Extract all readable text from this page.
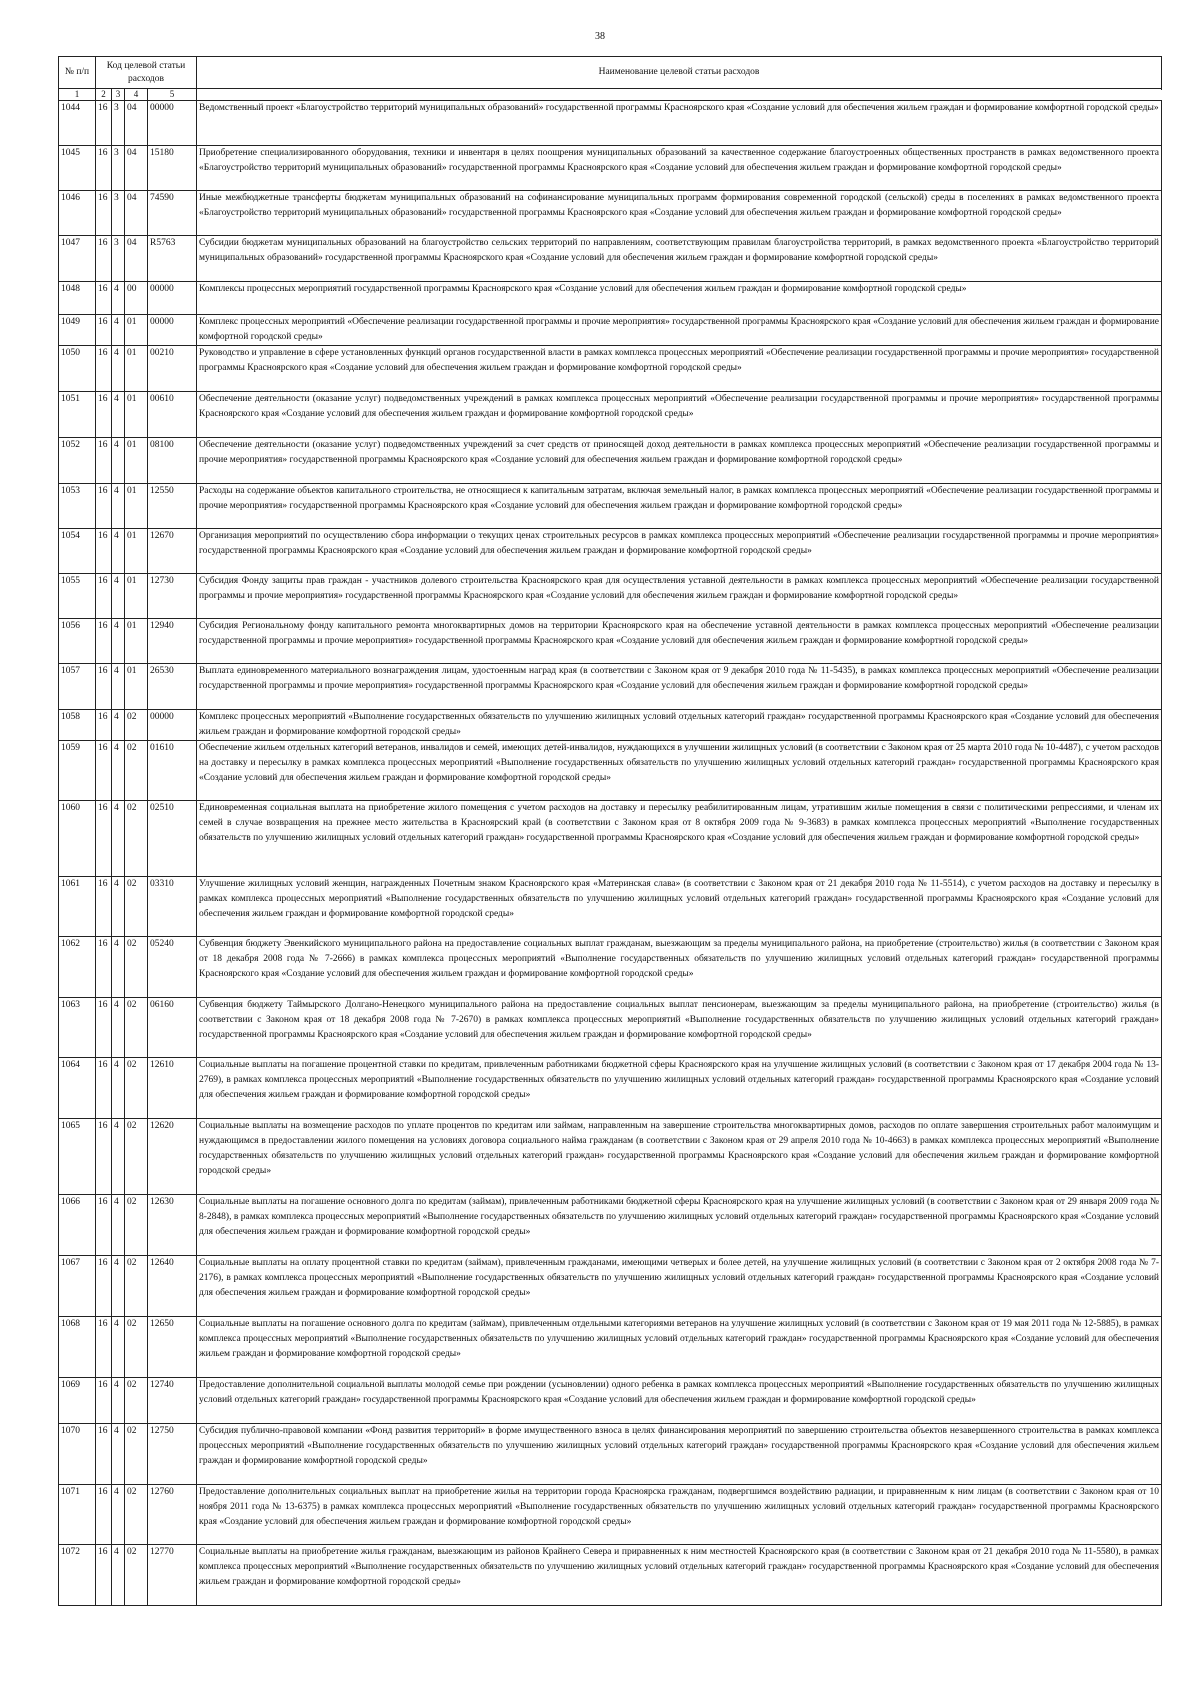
38
№ п/п	Код целевой статьи расходов				Наименование целевой статьи расходов

1	2	3	4	5	
1044	16	3	04	00000	Ведомственный проект «Благоустройство территорий муниципальных образований» государственной программы Красноярского края «Создание условий для обеспечения жильем граждан и формирование комфортной городской среды»
1045	16	3	04	15180	Приобретение специализированного оборудования, техники и инвентаря в целях поощрения муниципальных образований за качественное содержание благоустроенных общественных пространств в рамках ведомственного проекта «Благоустройство территорий муниципальных образований» государственной программы Красноярского края «Создание условий для обеспечения жильем граждан и формирование комфортной городской среды»
1046	16	3	04	74590	Иные межбюджетные трансферты бюджетам муниципальных образований на софинансирование муниципальных программ формирования современной городской (сельской) среды в поселениях в рамках ведомственного проекта «Благоустройство территорий муниципальных образований» государственной программы Красноярского края «Создание условий для обеспечения жильем граждан и формирование комфортной городской среды»
1047	16	3	04	R5763	Субсидии бюджетам муниципальных образований на благоустройство сельских территорий по направлениям, соответствующим правилам благоустройства территорий, в рамках ведомственного проекта «Благоустройство территорий муниципальных образований» государственной программы Красноярского края «Создание условий для обеспечения жильем граждан и формирование комфортной городской среды»
1048	16	4	00	00000	Комплексы процессных мероприятий государственной программы Красноярского края «Создание условий для обеспечения жильем граждан и формирование комфортной городской среды»
1049	16	4	01	00000	Комплекс процессных мероприятий «Обеспечение реализации государственной программы и прочие мероприятия» государственной программы Красноярского края «Создание условий для обеспечения жильем граждан и формирование комфортной городской среды»
1050	16	4	01	00210	Руководство и управление в сфере установленных функций органов государственной власти в рамках комплекса процессных мероприятий «Обеспечение реализации государственной программы и прочие мероприятия» государственной программы Красноярского края «Создание условий для обеспечения жильем граждан и формирование комфортной городской среды»
1051	16	4	01	00610	Обеспечение деятельности (оказание услуг) подведомственных учреждений в рамках комплекса процессных мероприятий «Обеспечение реализации государственной программы и прочие мероприятия» государственной программы Красноярского края «Создание условий для обеспечения жильем граждан и формирование комфортной городской среды»
1052	16	4	01	08100	Обеспечение деятельности (оказание услуг) подведомственных учреждений за счет средств от приносящей доход деятельности в рамках комплекса процессных мероприятий «Обеспечение реализации государственной программы и прочие мероприятия» государственной программы Красноярского края «Создание условий для обеспечения жильем граждан и формирование комфортной городской среды»
1053	16	4	01	12550	Расходы на содержание объектов капитального строительства, не относящиеся к капитальным затратам, включая земельный налог, в рамках комплекса процессных мероприятий «Обеспечение реализации государственной программы и прочие мероприятия» государственной программы Красноярского края «Создание условий для обеспечения жильем граждан и формирование комфортной городской среды»
1054	16	4	01	12670	Организация мероприятий по осуществлению сбора информации о текущих ценах строительных ресурсов в рамках комплекса процессных мероприятий «Обеспечение реализации государственной программы и прочие мероприятия» государственной программы Красноярского края «Создание условий для обеспечения жильем граждан и формирование комфортной городской среды»
1055	16	4	01	12730	Субсидия Фонду защиты прав граждан - участников долевого строительства Красноярского края для осуществления уставной деятельности в рамках комплекса процессных мероприятий «Обеспечение реализации государственной программы и прочие мероприятия» государственной программы Красноярского края «Создание условий для обеспечения жильем граждан и формирование комфортной городской среды»
1056	16	4	01	12940	Субсидия Региональному фонду капитального ремонта многоквартирных домов на территории Красноярского края на обеспечение уставной деятельности в рамках комплекса процессных мероприятий «Обеспечение реализации государственной программы и прочие мероприятия» государственной программы Красноярского края «Создание условий для обеспечения жильем граждан и формирование комфортной городской среды»
1057	16	4	01	26530	Выплата единовременного материального вознаграждения лицам, удостоенным наград края (в соответствии с Законом края от 9 декабря 2010 года № 11-5435), в рамках комплекса процессных мероприятий «Обеспечение реализации государственной программы и прочие мероприятия» государственной программы Красноярского края «Создание условий для обеспечения жильем граждан и формирование комфортной городской среды»
1058	16	4	02	00000	Комплекс процессных мероприятий «Выполнение государственных обязательств по улучшению жилищных условий отдельных категорий граждан» государственной программы Красноярского края «Создание условий для обеспечения жильем граждан и формирование комфортной городской среды»
1059	16	4	02	01610	Обеспечение жильем отдельных категорий ветеранов, инвалидов и семей, имеющих детей-инвалидов, нуждающихся в улучшении жилищных условий (в соответствии с Законом края от 25 марта 2010 года № 10-4487), с учетом расходов на доставку и пересылку в рамках комплекса процессных мероприятий «Выполнение государственных обязательств по улучшению жилищных условий отдельных категорий граждан» государственной программы Красноярского края «Создание условий для обеспечения жильем граждан и формирование комфортной городской среды»
1060	16	4	02	02510	Единовременная социальная выплата на приобретение жилого помещения с учетом расходов на доставку и пересылку реабилитированным лицам, утратившим жилые помещения в связи с политическими репрессиями, и членам их семей в случае возвращения на прежнее место жительства в Красноярский край (в соответствии с Законом края от 8 октября 2009 года № 9-3683) в рамках комплекса процессных мероприятий «Выполнение государственных обязательств по улучшению жилищных условий отдельных категорий граждан» государственной программы Красноярского края «Создание условий для обеспечения жильем граждан и формирование комфортной городской среды»
1061	16	4	02	03310	Улучшение жилищных условий женщин, награжденных Почетным знаком Красноярского края «Материнская слава» (в соответствии с Законом края от 21 декабря 2010 года № 11-5514), с учетом расходов на доставку и пересылку в рамках комплекса процессных мероприятий «Выполнение государственных обязательств по улучшению жилищных условий отдельных категорий граждан» государственной программы Красноярского края «Создание условий для обеспечения жильем граждан и формирование комфортной городской среды»
1062	16	4	02	05240	Субвенция бюджету Эвенкийского муниципального района на предоставление социальных выплат гражданам, выезжающим за пределы муниципального района, на приобретение (строительство) жилья (в соответствии с Законом края от 18 декабря 2008 года № 7-2666) в рамках комплекса процессных мероприятий «Выполнение государственных обязательств по улучшению жилищных условий отдельных категорий граждан» государственной программы Красноярского края «Создание условий для обеспечения жильем граждан и формирование комфортной городской среды»
1063	16	4	02	06160	Субвенция бюджету Таймырского Долгано-Ненецкого муниципального района на предоставление социальных выплат пенсионерам, выезжающим за пределы муниципального района, на приобретение (строительство) жилья (в соответствии с Законом края от 18 декабря 2008 года № 7-2670) в рамках комплекса процессных мероприятий «Выполнение государственных обязательств по улучшению жилищных условий отдельных категорий граждан» государственной программы Красноярского края «Создание условий для обеспечения жильем граждан и формирование комфортной городской среды»
1064	16	4	02	12610	Социальные выплаты на погашение процентной ставки по кредитам, привлеченным работниками бюджетной сферы Красноярского края на улучшение жилищных условий (в соответствии с Законом края от 17 декабря 2004 года № 13-2769), в рамках комплекса процессных мероприятий «Выполнение государственных обязательств по улучшению жилищных условий отдельных категорий граждан» государственной программы Красноярского края «Создание условий для обеспечения жильем граждан и формирование комфортной городской среды»
1065	16	4	02	12620	Социальные выплаты на возмещение расходов по уплате процентов по кредитам или займам, направленным на завершение строительства многоквартирных домов, расходов по оплате завершения строительных работ малоимущим и нуждающимся в предоставлении жилого помещения на условиях договора социального найма гражданам (в соответствии с Законом края от 29 апреля 2010 года № 10-4663) в рамках комплекса процессных мероприятий «Выполнение государственных обязательств по улучшению жилищных условий отдельных категорий граждан» государственной программы Красноярского края «Создание условий для обеспечения жильем граждан и формирование комфортной городской среды»
1066	16	4	02	12630	Социальные выплаты на погашение основного долга по кредитам (займам), привлеченным работниками бюджетной сферы Красноярского края на улучшение жилищных условий (в соответствии с Законом края от 29 января 2009 года № 8-2848), в рамках комплекса процессных мероприятий «Выполнение государственных обязательств по улучшению жилищных условий отдельных категорий граждан» государственной программы Красноярского края «Создание условий для обеспечения жильем граждан и формирование комфортной городской среды»
1067	16	4	02	12640	Социальные выплаты на оплату процентной ставки по кредитам (займам), привлеченным гражданами, имеющими четверых и более детей, на улучшение жилищных условий (в соответствии с Законом края от 2 октября 2008 года № 7-2176), в рамках комплекса процессных мероприятий «Выполнение государственных обязательств по улучшению жилищных условий отдельных категорий граждан» государственной программы Красноярского края «Создание условий для обеспечения жильем граждан и формирование комфортной городской среды»
1068	16	4	02	12650	Социальные выплаты на погашение основного долга по кредитам (займам), привлеченным отдельными категориями ветеранов на улучшение жилищных условий (в соответствии с Законом края от 19 мая 2011 года № 12-5885), в рамках комплекса процессных мероприятий «Выполнение государственных обязательств по улучшению жилищных условий отдельных категорий граждан» государственной программы Красноярского края «Создание условий для обеспечения жильем граждан и формирование комфортной городской среды»
1069	16	4	02	12740	Предоставление дополнительной социальной выплаты молодой семье при рождении (усыновлении) одного ребенка в рамках комплекса процессных мероприятий «Выполнение государственных обязательств по улучшению жилищных условий отдельных категорий граждан» государственной программы Красноярского края «Создание условий для обеспечения жильем граждан и формирование комфортной городской среды»
1070	16	4	02	12750	Субсидия публично-правовой компании «Фонд развития территорий» в форме имущественного взноса в целях финансирования мероприятий по завершению строительства объектов незавершенного строительства в рамках комплекса процессных мероприятий «Выполнение государственных обязательств по улучшению жилищных условий отдельных категорий граждан» государственной программы Красноярского края «Создание условий для обеспечения жильем граждан и формирование комфортной городской среды»
1071	16	4	02	12760	Предоставление дополнительных социальных выплат на приобретение жилья на территории города Красноярска гражданам, подвергшимся воздействию радиации, и приравненным к ним лицам (в соответствии с Законом края от 10 ноября 2011 года № 13-6375) в рамках комплекса процессных мероприятий «Выполнение государственных обязательств по улучшению жилищных условий отдельных категорий граждан» государственной программы Красноярского края «Создание условий для обеспечения жильем граждан и формирование комфортной городской среды»
1072	16	4	02	12770	Социальные выплаты на приобретение жилья гражданам, выезжающим из районов Крайнего Севера и приравненных к ним местностей Красноярского края (в соответствии с Законом края от 21 декабря 2010 года № 11-5580), в рамках комплекса процессных мероприятий «Выполнение государственных обязательств по улучшению жилищных условий отдельных категорий граждан» государственной программы Красноярского края «Создание условий для обеспечения жильем граждан и формирование комфортной городской среды»
